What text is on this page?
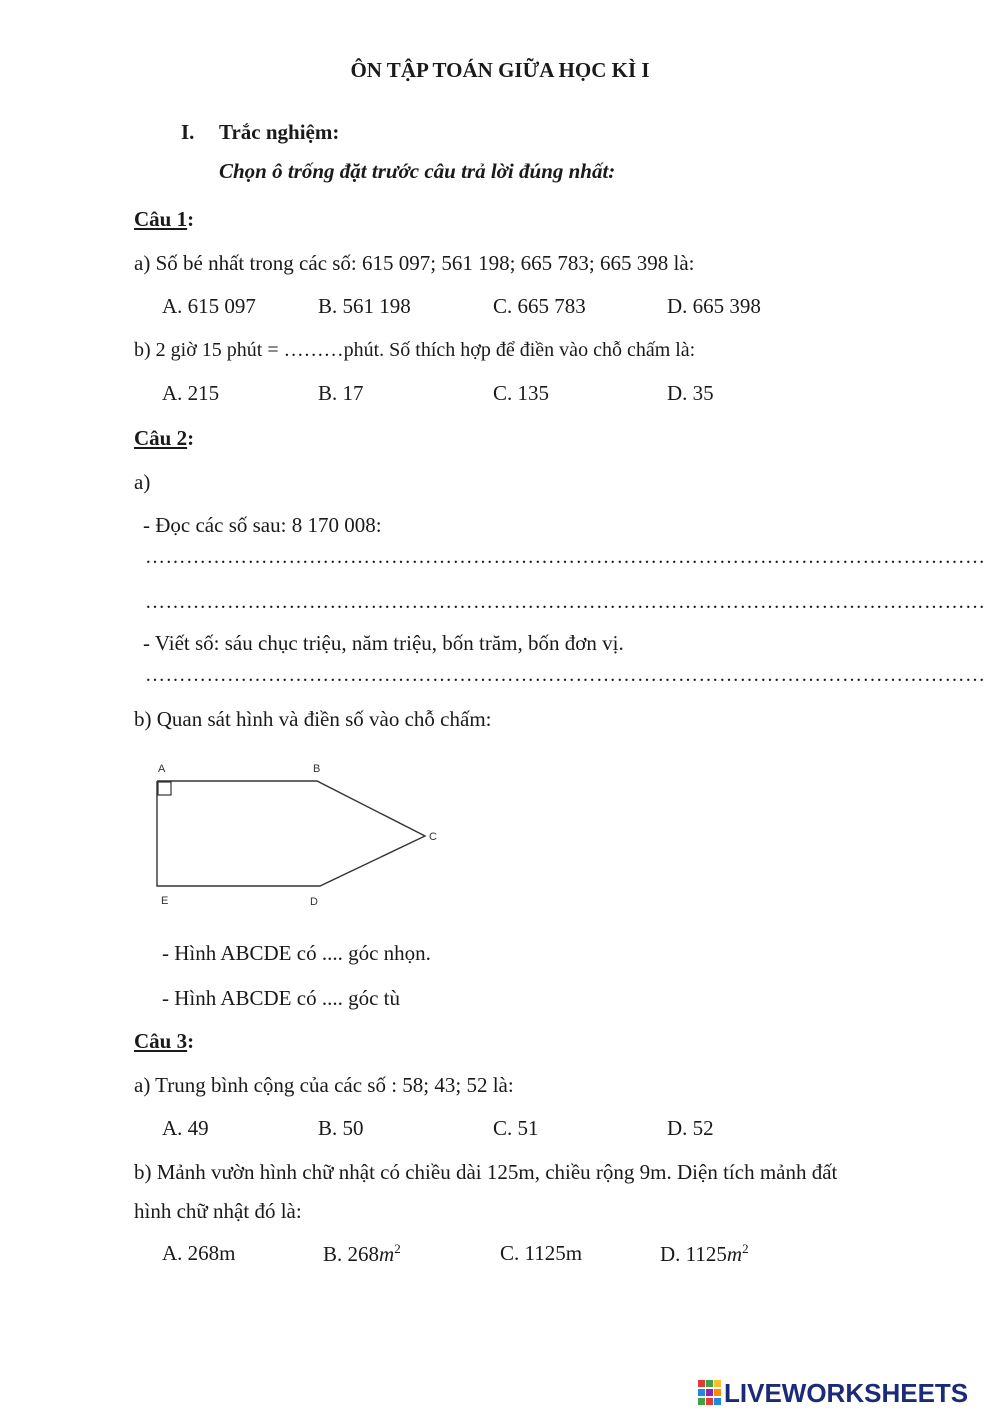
ÔN TẬP TOÁN GIỮA HỌC KÌ I
I. Trắc nghiệm:
Chọn ô trống đặt trước câu trả lời đúng nhất:
Câu 1:
a) Số bé nhất trong các số: 615 097; 561 198; 665 783; 665 398 là:
A. 615 097	B. 561 198	C. 665 783	D. 665 398
b) 2 giờ 15 phút = ………phút. Số thích hợp để điền vào chỗ chấm là:
A. 215	B. 17	C. 135	D. 35
Câu 2:
a)
- Đọc các số sau: 8 170 008:
……………………………………………………………………………………………………………
……………………………………………………………………………………………………………
- Viết số: sáu chục triệu, năm triệu, bốn trăm, bốn đơn vị.
……………………………………………………………………………………………………………
b) Quan sát hình và điền số vào chỗ chấm:
A	B
C
D
E
- Hình ABCDE có .... góc nhọn.
- Hình ABCDE có .... góc tù
Câu 3:
a) Trung bình cộng của các số : 58; 43; 52 là:
A. 49	B. 50	C. 51	D. 52
b) Mảnh vườn hình chữ nhật có chiều dài 125m, chiều rộng 9m. Diện tích mảnh đất
hình chữ nhật đó là:
A. 268m	B. $268m^2$	C. 1125m	D. $1125m^2$
LIVEWORKSHEETS
